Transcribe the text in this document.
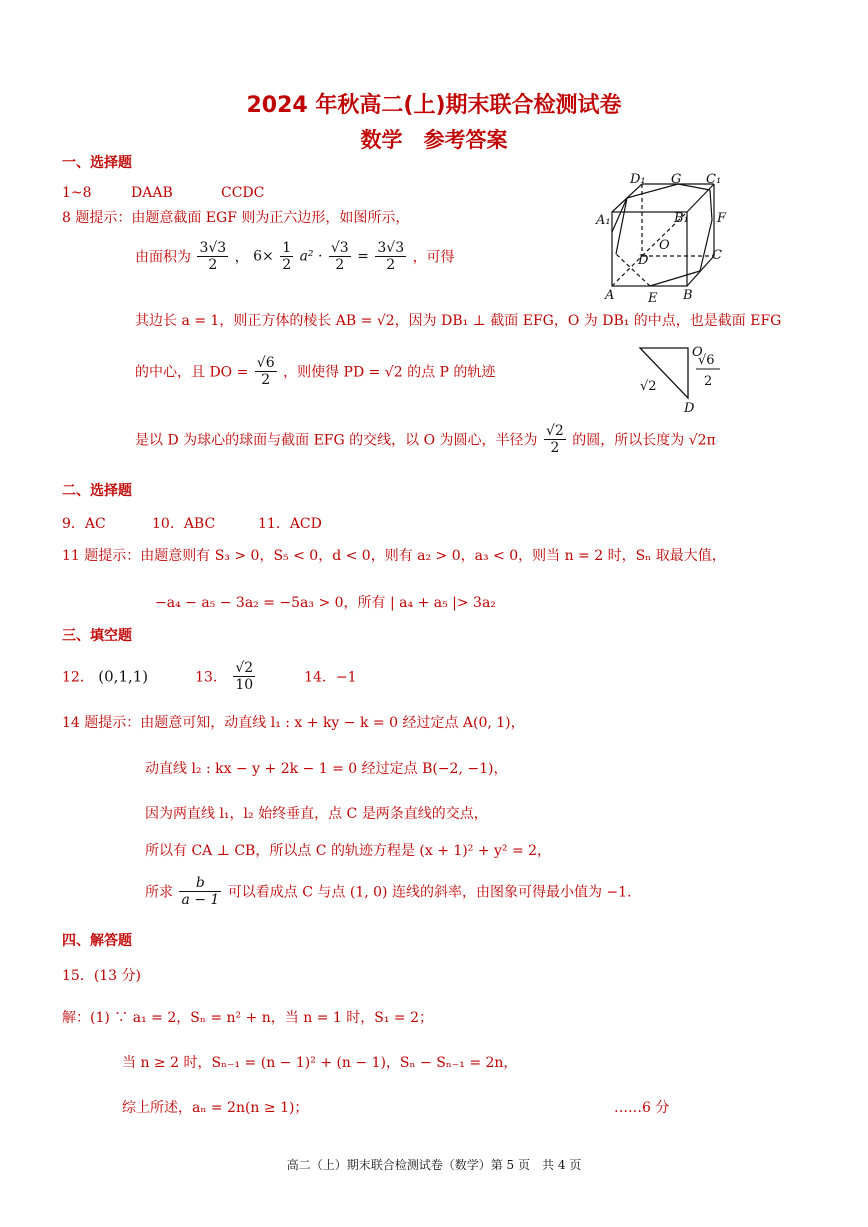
2024 年秋高二(上)期末联合检测试卷
数学　参考答案
一、选择题
1~8	DAAB	CCDC
8 题提示：由题意截面 EGF 则为正六边形，如图所示，
由面积为 $\frac{3√3}{2}$ ， $6\times \frac{1}{2} a^2 \cdot \frac{√3}{2} = \frac{3√3}{2}$ ，可得
其边长 a = 1，则正方体的棱长 AB = √2，因为 DB₁ ⊥ 截面 EFG，O 为 DB₁ 的中点，也是截面 EFG
的中心，且 DO = $\frac{√6}{2}$ ，则使得 PD = √2 的点 P 的轨迹
是以 D 为球心的球面与截面 EFG 的交线，以 O 为圆心，半径为 $\frac{√2}{2}$ 的圆，所以长度为 √2π
D₁ G C₁
A₁	B₁ F
O
D	C
A	E B
O
√2
√6
2
D
二、选择题
9．AC	10．ABC	11．ACD
11 题提示：由题意则有 S₃ > 0，S₅ < 0，d < 0，则有 a₂ > 0，a₃ < 0，则当 n = 2 时，Sₙ 取最大值，
−a₄ − a₅ − 3a₂ = −5a₃ > 0，所有 | a₄ + a₅ |> 3a₂
三、填空题
12． (0,1,1)	13． $\frac{√2}{10}$	14．−1
14 题提示：由题意可知，动直线 l₁ : x + ky − k = 0 经过定点 A(0, 1)，
动直线 l₂ : kx − y + 2k − 1 = 0 经过定点 B(−2, −1)，
因为两直线 l₁，l₂ 始终垂直，点 C 是两条直线的交点，
所以有 CA ⊥ CB，所以点 C 的轨迹方程是 (x + 1)² + y² = 2，
所求 $\frac{b}{a - 1}$ 可以看成点 C 与点 (1, 0) 连线的斜率，由图象可得最小值为 −1.
四、解答题
15．(13 分)
解：(1) ∵ a₁ = 2，Sₙ = n² + n，当 n = 1 时，S₁ = 2；
当 n ≥ 2 时，Sₙ₋₁ = (n − 1)² + (n − 1)，Sₙ − Sₙ₋₁ = 2n，
综上所述，aₙ = 2n(n ≥ 1)；	……6 分
高二（上）期末联合检测试卷（数学）第 5 页　共 4 页
